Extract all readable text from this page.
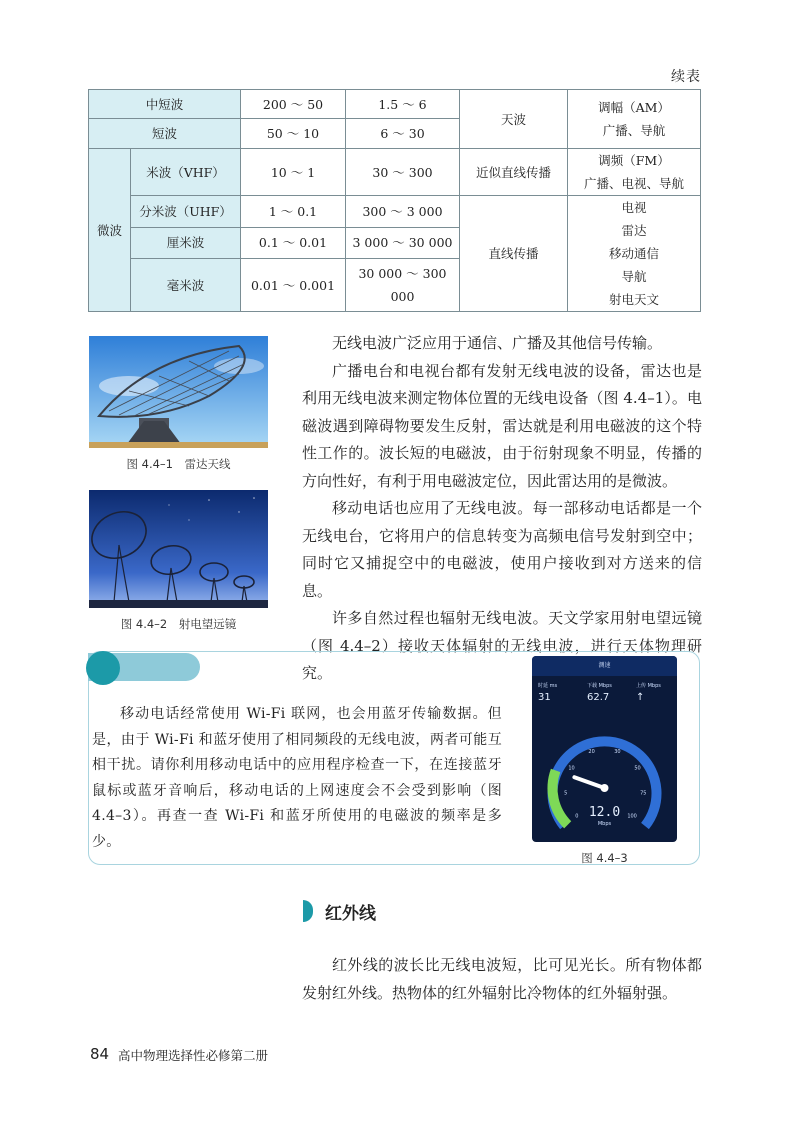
续表
中短波		200 ～ 50	1.5 ～ 6	天波	调幅（AM）
广播、导航

短波		50 ～ 10	6 ～ 30		
微波	米波（VHF）	10 ～ 1	30 ～ 300	近似直线传播	调频（FM）
广播、电视、导航

	分米波（UHF）	1 ～ 0.1	300 ～ 3 000	直线传播	电视
雷达
移动通信
导航
射电天文

	厘米波	0.1 ～ 0.01	3 000 ～ 30 000		
	毫米波	0.01 ～ 0.001	30 000 ～ 300 000		
图 4.4–1　雷达天线
图 4.4–2　射电望远镜

无线电波广泛应用于通信、广播及其他信号传输。

广播电台和电视台都有发射无线电波的设备，雷达也是利用无线电波来测定物体位置的无线电设备（图 4.4–1）。电磁波遇到障碍物要发生反射，雷达就是利用电磁波的这个特性工作的。波长短的电磁波，由于衍射现象不明显，传播的方向性好，有利于用电磁波定位，因此雷达用的是微波。

移动电话也应用了无线电波。每一部移动电话都是一个无线电台，它将用户的信息转变为高频电信号发射到空中；同时它又捕捉空中的电磁波，使用户接收到对方送来的信息。

许多自然过程也辐射无线电波。天文学家用射电望远镜（图 4.4–2）接收天体辐射的无线电波，进行天体物理研究。

移动电话经常使用 Wi-Fi 联网，也会用蓝牙传输数据。但是，由于 Wi-Fi 和蓝牙使用了相同频段的无线电波，两者可能互相干扰。请你利用移动电话中的应用程序检查一下，在连接蓝牙鼠标或蓝牙音响后，移动电话的上网速度会不会受到影响（图 4.4–3）。再查一查 Wi-Fi 和蓝牙所使用的电磁波的频率是多少。
测速
时延 ms
31
下载 Mbps
62.7
上传 Mbps
↑
0
5
10
20	30
50
75
100
12.0
Mbps
图 4.4–3
红外线
红外线的波长比无线电波短，比可见光长。所有物体都发射红外线。热物体的红外辐射比冷物体的红外辐射强。
84 高中物理选择性必修第二册
